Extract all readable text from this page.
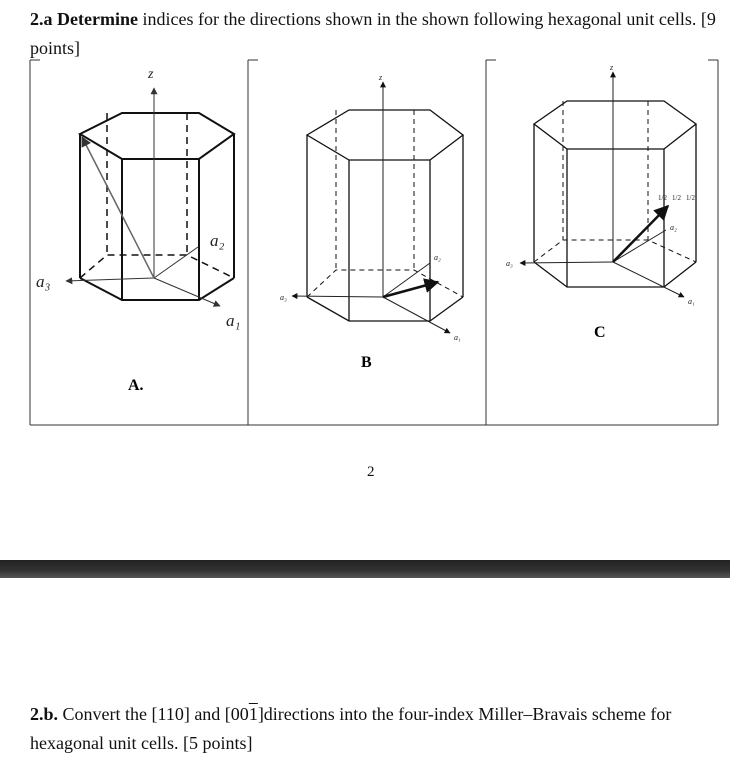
2.a Determine indices for the directions shown in the shown following hexagonal unit cells. [9 points]
z
a₃
a₂
a₁
A.
z
a₃
a₂
a₁
B
z
a₃
a₂
a₁
1/2 1/2 1/2
C
2
2.b. Convert the [110] and [001]directions into the four-index Miller–Bravais scheme for hexagonal unit cells. [5 points]
